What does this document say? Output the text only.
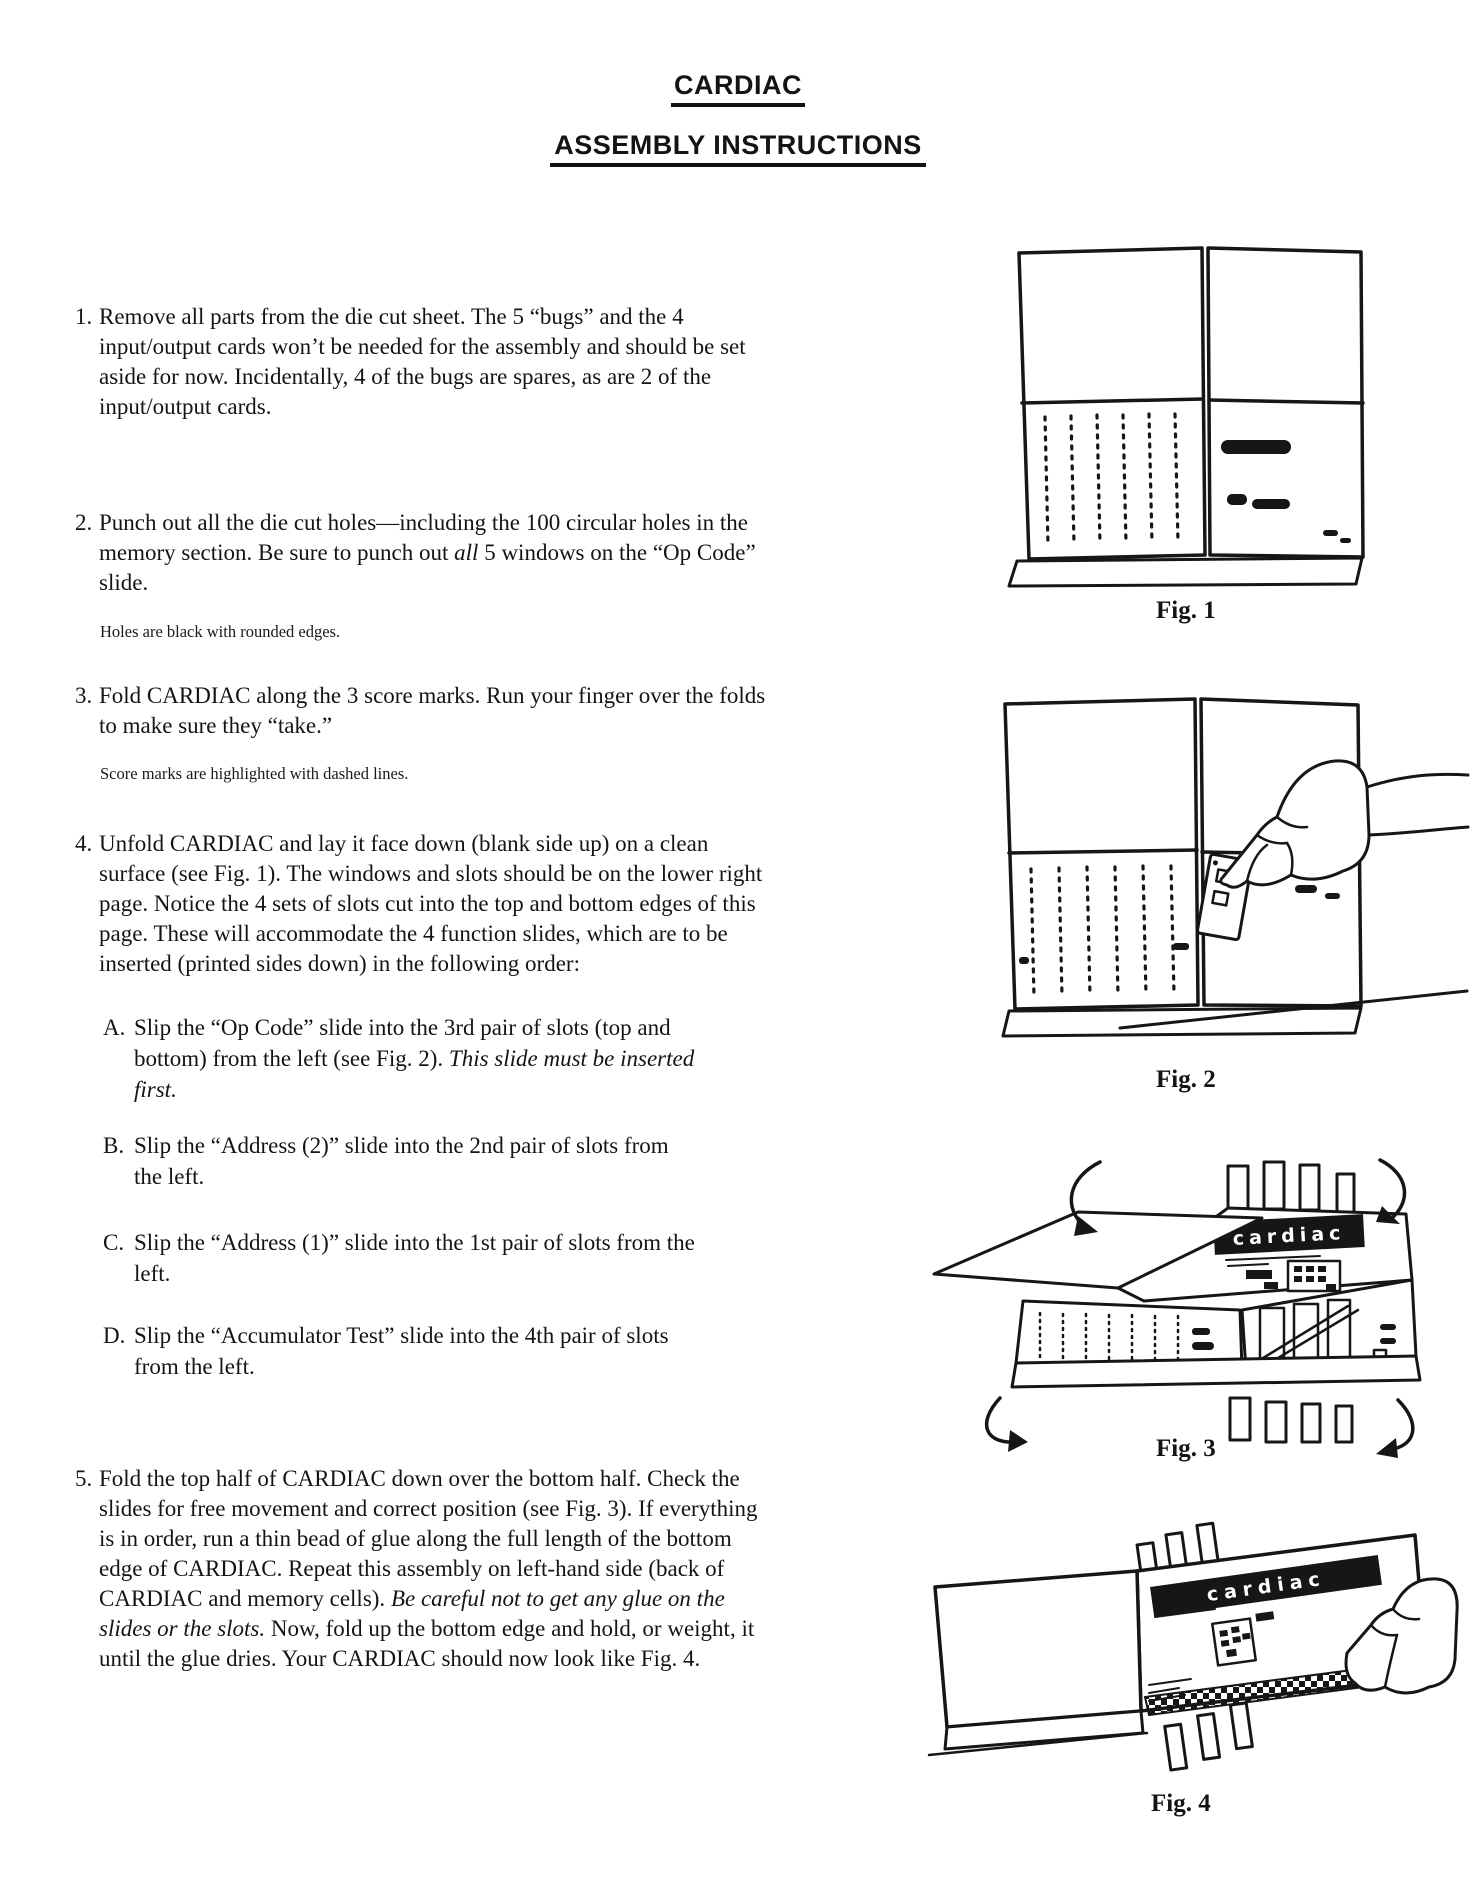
CARDIAC
ASSEMBLY INSTRUCTIONS
1. Remove all parts from the die cut sheet. The 5 “bugs” and the 4 input/output cards won’t be needed for the assembly and should be set aside for now. Incidentally, 4 of the bugs are spares, as are 2 of the input/output cards.
2. Punch out all the die cut holes—including the 100 circular holes in the memory section. Be sure to punch out all 5 windows on the “Op Code” slide.
Holes are black with rounded edges.
3. Fold CARDIAC along the 3 score marks. Run your finger over the folds to make sure they “take.”
Score marks are highlighted with dashed lines.
4. Unfold CARDIAC and lay it face down (blank side up) on a clean surface (see Fig. 1). The windows and slots should be on the lower right page. Notice the 4 sets of slots cut into the top and bottom edges of this page. These will accommodate the 4 function slides, which are to be inserted (printed sides down) in the following order:
A. Slip the “Op Code” slide into the 3rd pair of slots (top and bottom) from the left (see Fig. 2). This slide must be inserted first.
B. Slip the “Address (2)” slide into the 2nd pair of slots from the left.
C. Slip the “Address (1)” slide into the 1st pair of slots from the left.
D. Slip the “Accumulator Test” slide into the 4th pair of slots from the left.
5. Fold the top half of CARDIAC down over the bottom half. Check the slides for free movement and correct position (see Fig. 3). If everything is in order, run a thin bead of glue along the full length of the bottom edge of CARDIAC. Repeat this assembly on left-hand side (back of CARDIAC and memory cells). Be careful not to get any glue on the slides or the slots. Now, fold up the bottom edge and hold, or weight, it until the glue dries. Your CARDIAC should now look like Fig. 4.
Fig. 1
Fig. 2
cardiac
Fig. 3
cardiac
Fig. 4
